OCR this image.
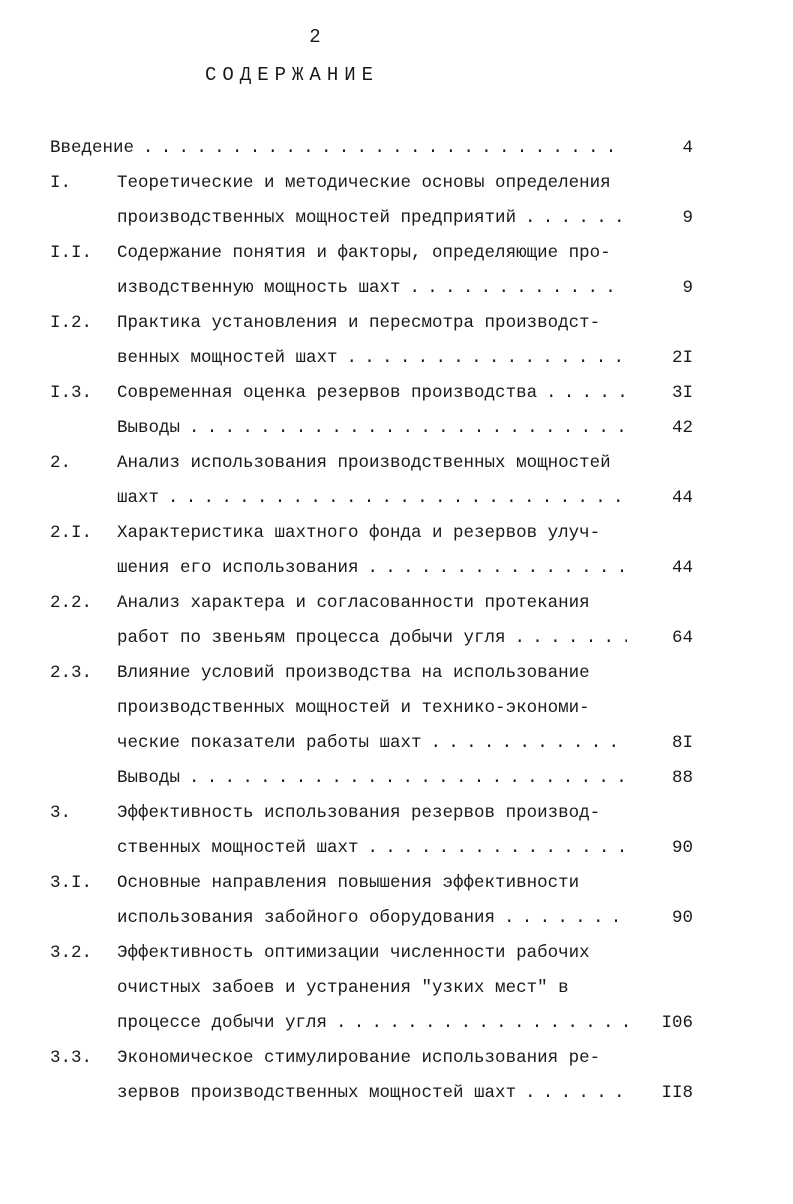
2
СОДЕРЖАНИЕ
Введение . . .	4
I.	Теоретические и методические основы определения
производственных мощностей предприятий . . .	9
I.I. Содержание понятия и факторы, определяющие про-
изводственную мощность шахт . . .	9
I.2. Практика установления и пересмотра производст-
венных мощностей шахт . . .	2I
I.3. Современная оценка резервов производства . . .	3I
Выводы . . .	42
2.	Анализ использования производственных мощностей
шахт . . .	44
2.I. Характеристика шахтного фонда и резервов улуч-
шения его использования . . .	44
2.2. Анализ характера и согласованности протекания
работ по звеньям процесса добычи угля . . .	64
2.3. Влияние условий производства на использование
производственных мощностей и технико-экономи-
ческие показатели работы шахт . . .	8I
Выводы . . .	88
3.	Эффективность использования резервов производ-
ственных мощностей шахт . . .	90
3.I. Основные направления повышения эффективности
использования забойного оборудования . . .	90
3.2. Эффективность оптимизации численности рабочих
очистных забоев и устранения "узких мест" в
процессе добычи угля . . .	I06
3.3. Экономическое стимулирование использования ре-
зервов производственных мощностей шахт . . .	II8
